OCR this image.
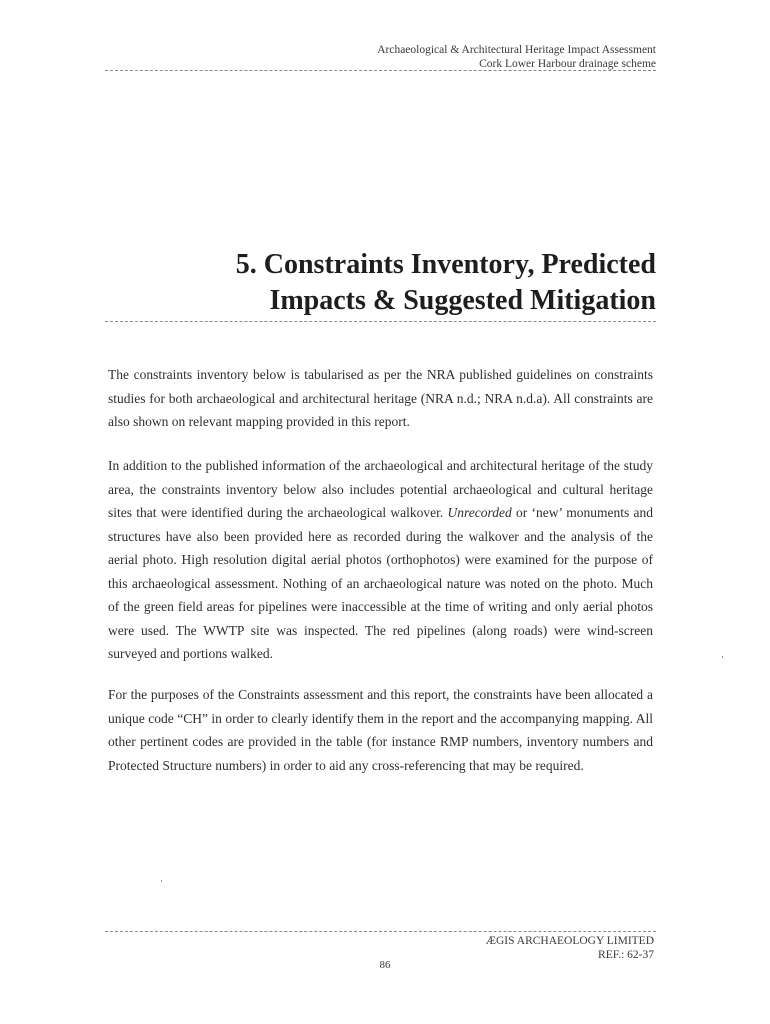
Archaeological & Architectural Heritage Impact Assessment
Cork Lower Harbour drainage scheme
5. Constraints Inventory, Predicted
Impacts & Suggested Mitigation

The constraints inventory below is tabularised as per the NRA published guidelines on constraints studies for both archaeological and architectural heritage (NRA n.d.; NRA n.d.a). All constraints are also shown on relevant mapping provided in this report.

In addition to the published information of the archaeological and architectural heritage of the study area, the constraints inventory below also includes potential archaeological and cultural heritage sites that were identified during the archaeological walkover. Unrecorded or ‘new’ monuments and structures have also been provided here as recorded during the walkover and the analysis of the aerial photo. High resolution digital aerial photos (orthophotos) were examined for the purpose of this archaeological assessment. Nothing of an archaeological nature was noted on the photo. Much of the green field areas for pipelines were inaccessible at the time of writing and only aerial photos were used. The WWTP site was inspected. The red pipelines (along roads) were wind-screen surveyed and portions walked.

For the purposes of the Constraints assessment and this report, the constraints have been allocated a unique code “CH” in order to clearly identify them in the report and the accompanying mapping. All other pertinent codes are provided in the table (for instance RMP numbers, inventory numbers and Protected Structure numbers) in order to aid any cross-referencing that may be required.

ÆGIS ARCHAEOLOGY LIMITED
REF.: 62-37
86
